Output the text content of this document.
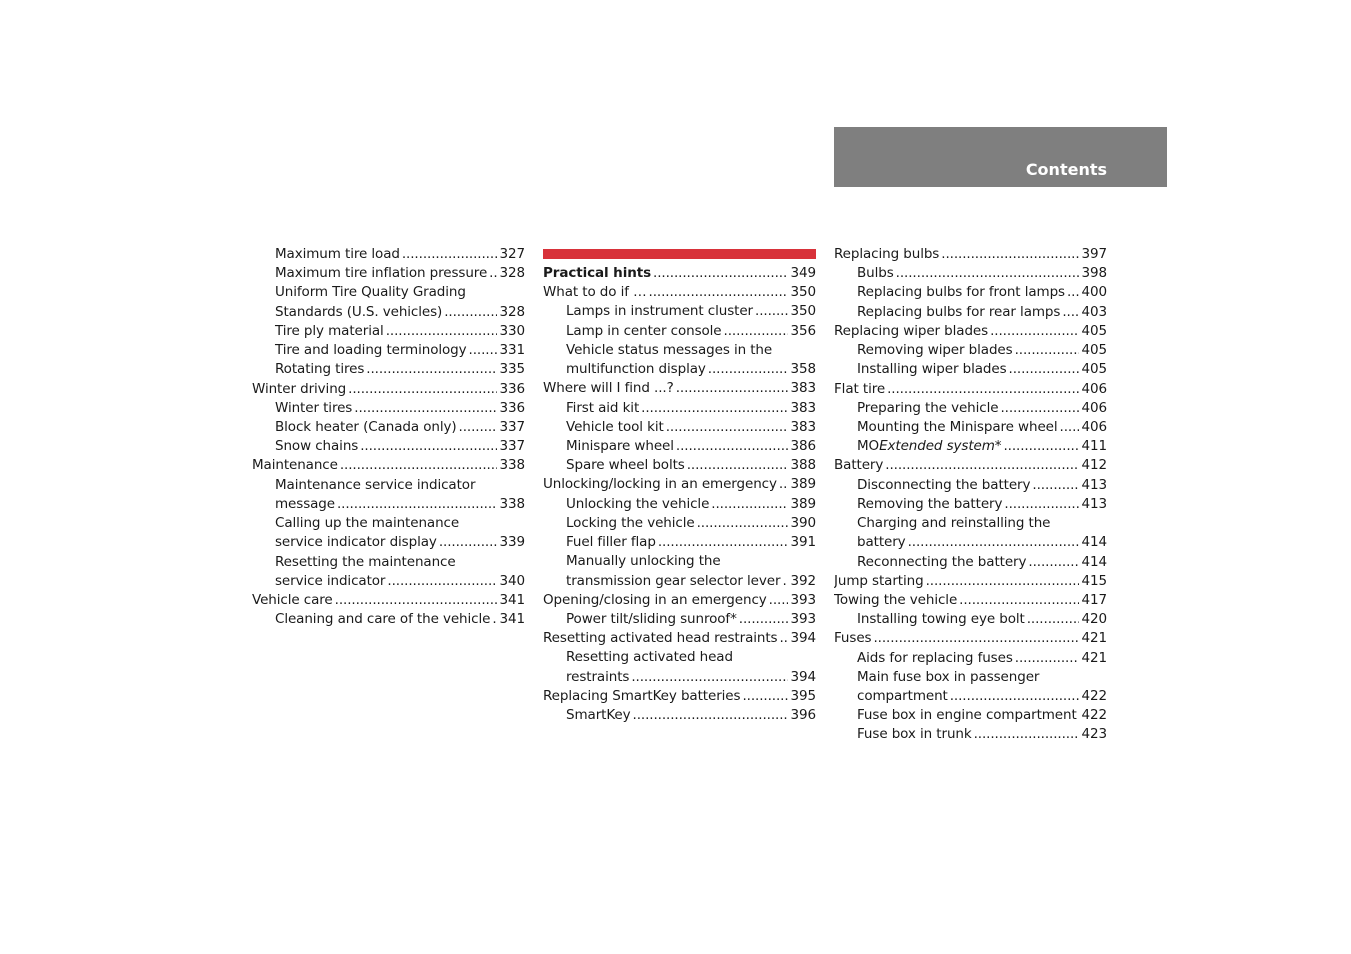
Contents
Maximum tire load .....	327
Maximum tire inflation pressure ..... 328
Uniform Tire Quality Grading
Standards (U.S. vehicles) .....	328
Tire ply material .....	330
Tire and loading terminology ..... 331
Rotating tires .....	335
Winter driving .....	336
Winter tires .....	336
Block heater (Canada only) .....	337
Snow chains .....	337
Maintenance .....	338
Maintenance service indicator
message .....	338
Calling up the maintenance
service indicator display .....	339
Resetting the maintenance
service indicator .....	340
Vehicle care .....	341
Cleaning and care of the vehicle ..... 341
Practical hints .....	349
What to do if … .....	350
Lamps in instrument cluster .....	350
Lamp in center console .....	356
Vehicle status messages in the
multifunction display .....	358
Where will I find ...? .....	383
First aid kit .....	383
Vehicle tool kit .....	383
Minispare wheel .....	386
Spare wheel bolts .....	388
Unlocking/locking in an emergency ..... 389
Unlocking the vehicle .....	389
Locking the vehicle .....	390
Fuel filler flap .....	391
Manually unlocking the
transmission gear selector lever ..... 392
Opening/closing in an emergency ..... 393
Power tilt/sliding sunroof* .....	393
Resetting activated head restraints ..... 394
Resetting activated head
restraints .....	394
Replacing SmartKey batteries .....	395
SmartKey .....	396
Replacing bulbs .....	397
Bulbs .....	398
Replacing bulbs for front lamps ..... 400
Replacing bulbs for rear lamps ..... 403
Replacing wiper blades .....	405
Removing wiper blades .....	405
Installing wiper blades .....	405
Flat tire .....	406
Preparing the vehicle .....	406
Mounting the Minispare wheel ..... 406
MO Extended system* .....	411
Battery .....	412
Disconnecting the battery .....	413
Removing the battery .....	413
Charging and reinstalling the
battery .....	414
Reconnecting the battery .....	414
Jump starting .....	415
Towing the vehicle .....	417
Installing towing eye bolt .....	420
Fuses .....	421
Aids for replacing fuses .....	421
Main fuse box in passenger
compartment .....	422
Fuse box in engine compartment ..... 422
Fuse box in trunk .....	423
